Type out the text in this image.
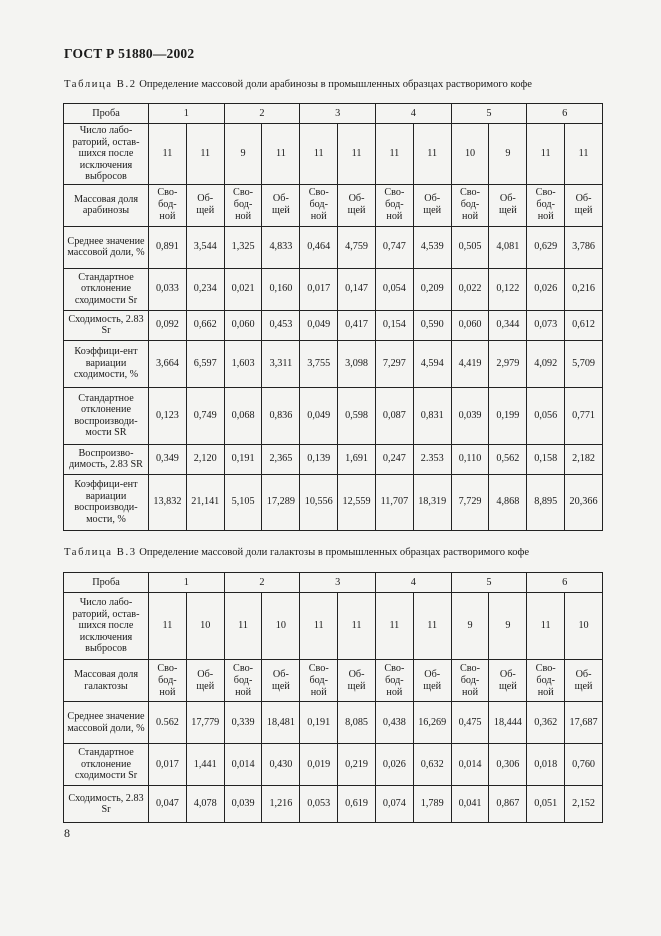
ГОСТ Р 51880—2002
Таблица В.2 Определение массовой доли арабинозы в промышленных образцах растворимого кофе
Проба	1		2		3		4		5		6	
Число лабо-раторий, остав-шихся после исключения выбросов	11	11	9	11	11	11	11	11	10	9	11	11
Массовая доля арабинозы	Сво-бод-ной	Об-щей	Сво-бод-ной	Об-щей	Сво-бод-ной	Об-щей	Сво-бод-ной	Об-щей	Сво-бод-ной	Об-щей	Сво-бод-ной	Об-щей
Среднее значение массовой доли, %	0,891	3,544	1,325	4,833	0,464	4,759	0,747	4,539	0,505	4,081	0,629	3,786
Стандартное отклонение сходимости Sr	0,033	0,234	0,021	0,160	0,017	0,147	0,054	0,209	0,022	0,122	0,026	0,216
Сходимость, 2.83 Sr	0,092	0,662	0,060	0,453	0,049	0,417	0,154	0,590	0,060	0,344	0,073	0,612
Коэффици-ент вариации сходимости, %	3,664	6,597	1,603	3,311	3,755	3,098	7,297	4,594	4,419	2,979	4,092	5,709
Стандартное отклонение воспроизводи-мости SR	0,123	0,749	0,068	0,836	0,049	0,598	0,087	0,831	0,039	0,199	0,056	0,771
Воспроизво-димость, 2.83 SR	0,349	2,120	0,191	2,365	0,139	1,691	0,247	2.353	0,110	0,562	0,158	2,182
Коэффици-ент вариации воспроизводи-мости, %	13,832	21,141	5,105	17,289	10,556	12,559	11,707	18,319	7,729	4,868	8,895	20,366
Таблица В.3 Определение массовой доли галактозы в промышленных образцах растворимого кофе
Проба	1		2		3		4		5		6	
Число лабо-раторий, остав-шихся после исключения выбросов	11	10	11	10	11	11	11	11	9	9	11	10
Массовая доля галактозы	Сво-бод-ной	Об-щей	Сво-бод-ной	Об-щей	Сво-бод-ной	Об-щей	Сво-бод-ной	Об-щей	Сво-бод-ной	Об-щей	Сво-бод-ной	Об-щей
Среднее значение массовой доли, %	0.562	17,779	0,339	18,481	0,191	8,085	0,438	16,269	0,475	18,444	0,362	17,687
Стандартное отклонение сходимости Sr	0,017	1,441	0,014	0,430	0,019	0,219	0,026	0,632	0,014	0,306	0,018	0,760
Сходимость, 2.83 Sr	0,047	4,078	0,039	1,216	0,053	0,619	0,074	1,789	0,041	0,867	0,051	2,152
8
